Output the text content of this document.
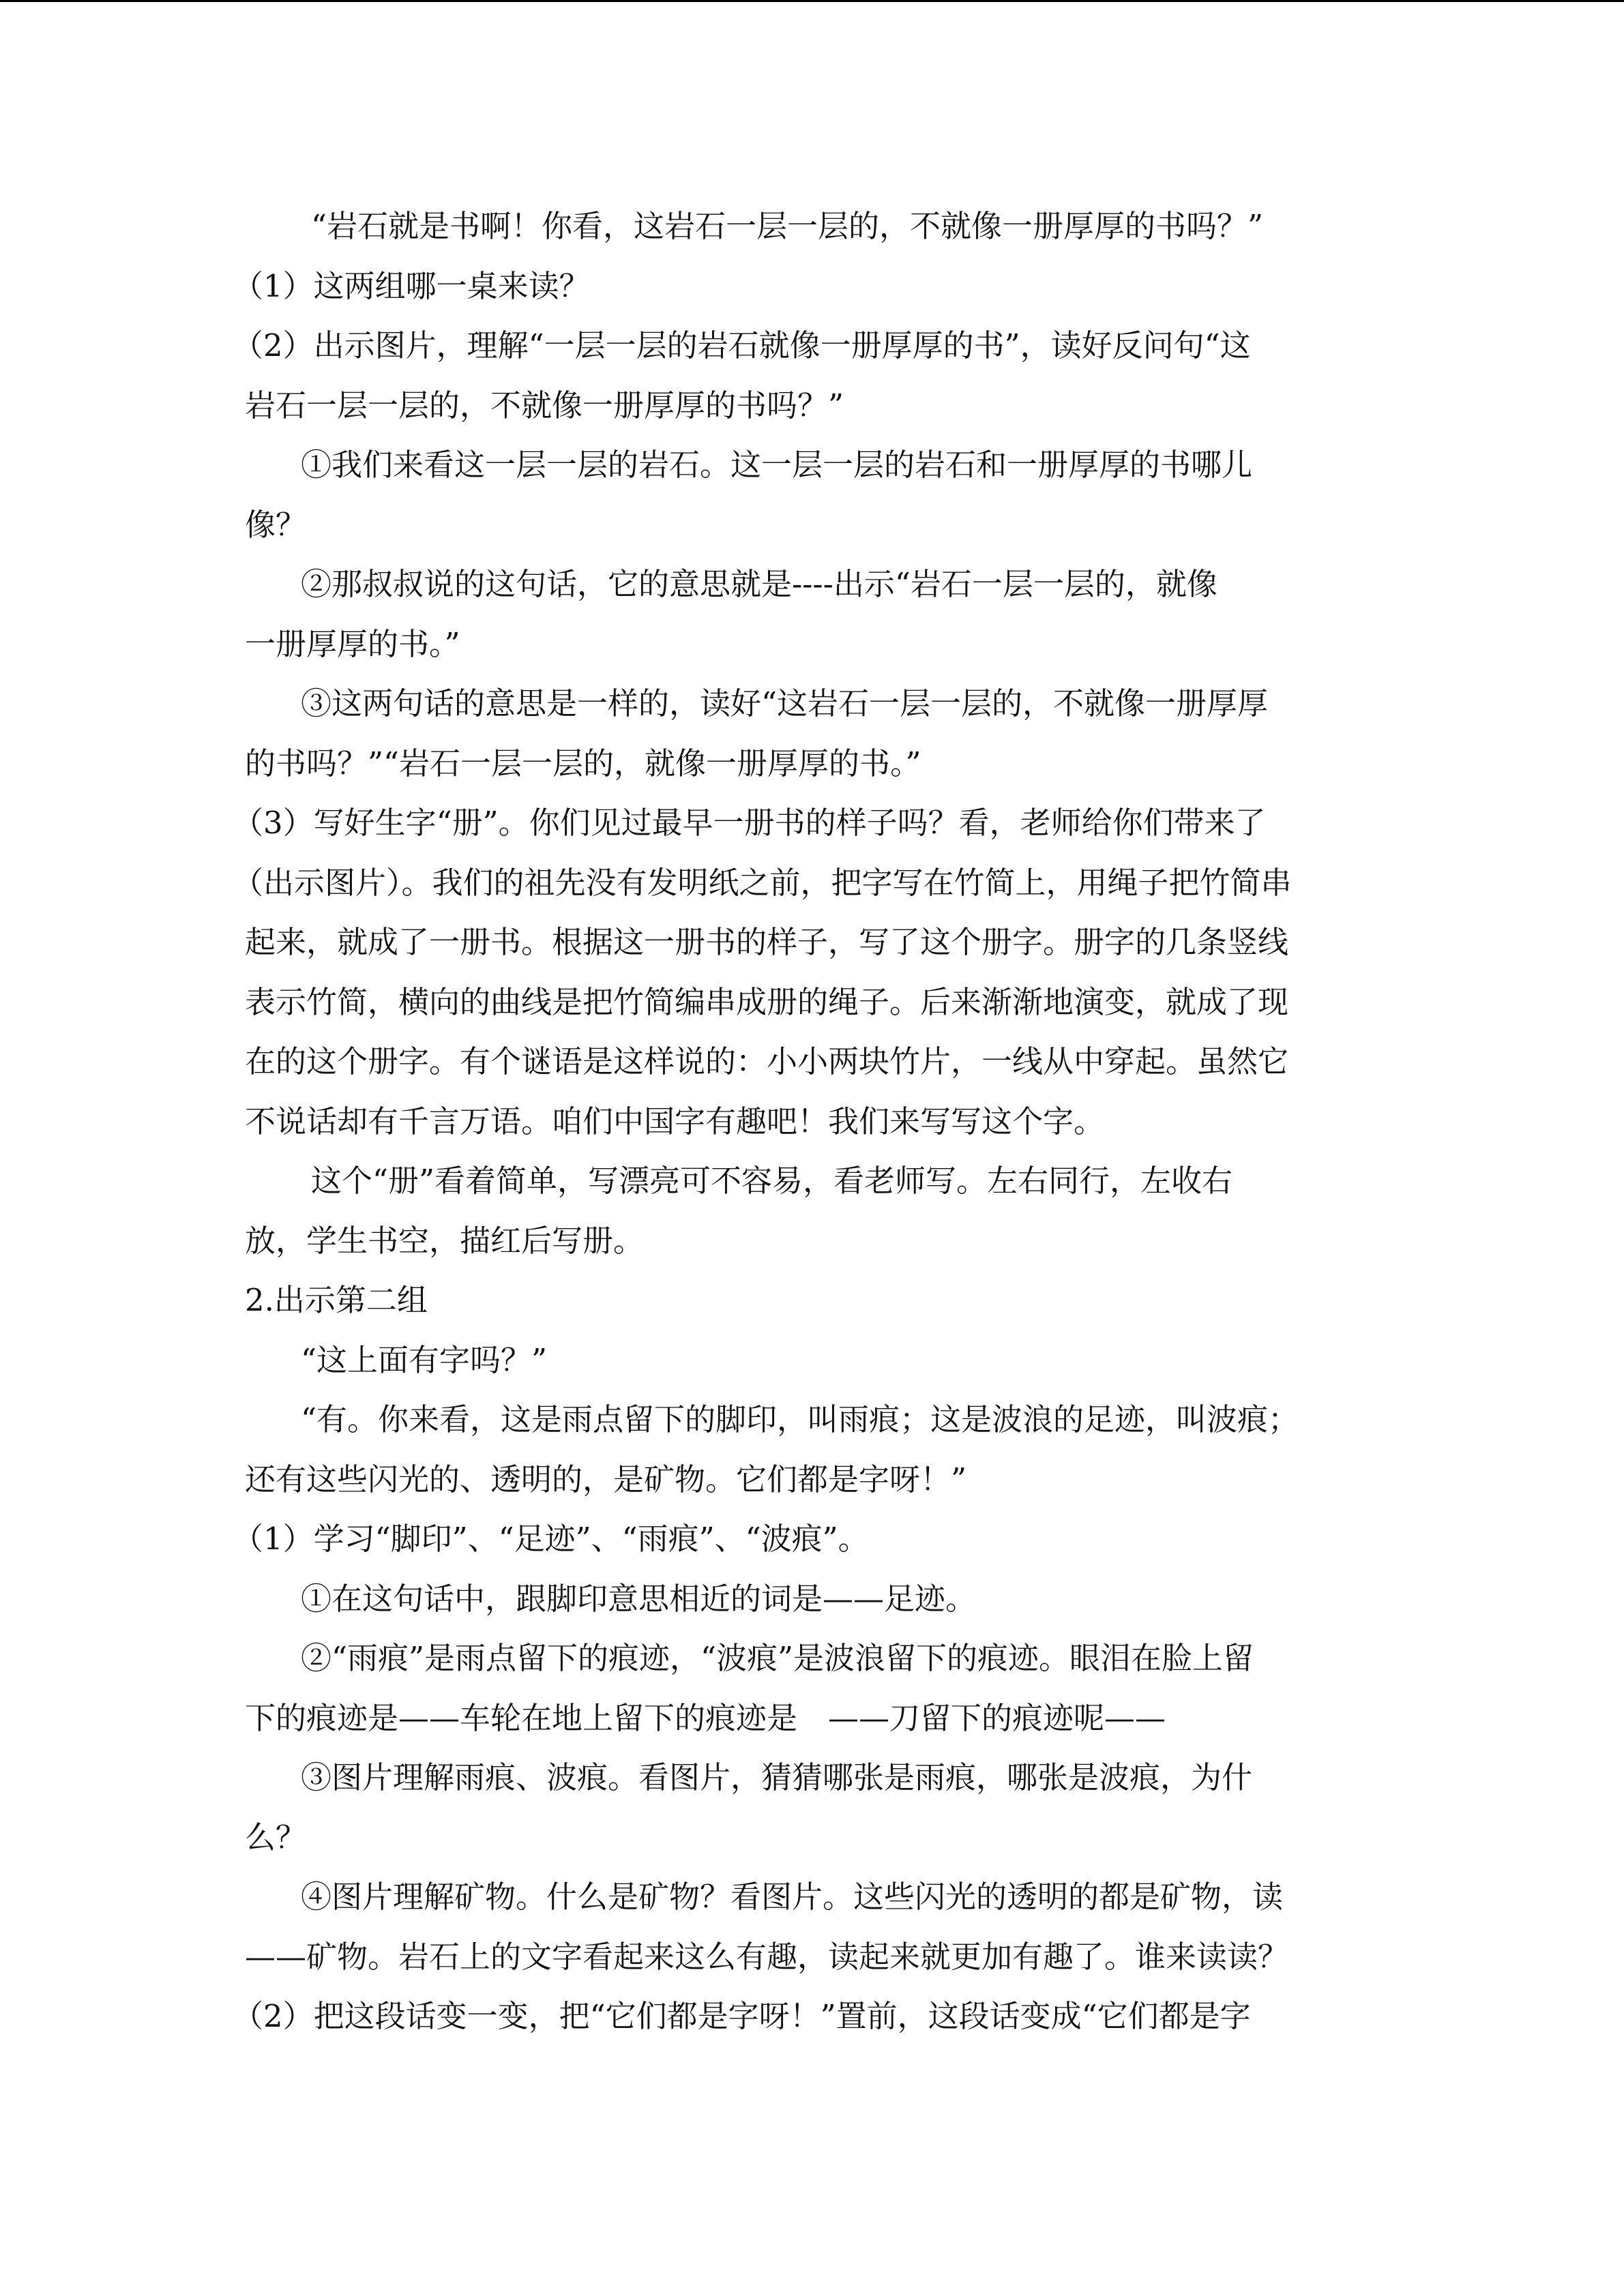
“岩石就是书啊！你看，这岩石一层一层的，不就像一册厚厚的书吗？”
（1）这两组哪一桌来读？
（2）出示图片，理解“一层一层的岩石就像一册厚厚的书”，读好反问句“这
岩石一层一层的，不就像一册厚厚的书吗？”
①我们来看这一层一层的岩石。这一层一层的岩石和一册厚厚的书哪儿
像？
②那叔叔说的这句话，它的意思就是----出示“岩石一层一层的，就像
一册厚厚的书。”
③这两句话的意思是一样的，读好“这岩石一层一层的，不就像一册厚厚
的书吗？”“岩石一层一层的，就像一册厚厚的书。”
（3）写好生字“册”。你们见过最早一册书的样子吗？看，老师给你们带来了
（出示图片）。我们的祖先没有发明纸之前，把字写在竹简上，用绳子把竹简串
起来，就成了一册书。根据这一册书的样子，写了这个册字。册字的几条竖线
表示竹简，横向的曲线是把竹简编串成册的绳子。后来渐渐地演变，就成了现
在的这个册字。有个谜语是这样说的：小小两块竹片，一线从中穿起。虽然它
不说话却有千言万语。咱们中国字有趣吧！我们来写写这个字。
这个“册”看着简单，写漂亮可不容易，看老师写。左右同行，左收右
放，学生书空，描红后写册。
2.出示第二组
“这上面有字吗？”
“有。你来看，这是雨点留下的脚印，叫雨痕；这是波浪的足迹，叫波痕；
还有这些闪光的、透明的，是矿物。它们都是字呀！”
（1）学习“脚印”、“足迹”、“雨痕”、“波痕”。
①在这句话中，跟脚印意思相近的词是——足迹。
②“雨痕”是雨点留下的痕迹，“波痕”是波浪留下的痕迹。眼泪在脸上留
下的痕迹是——车轮在地上留下的痕迹是　——刀留下的痕迹呢——
③图片理解雨痕、波痕。看图片，猜猜哪张是雨痕，哪张是波痕，为什
么？
④图片理解矿物。什么是矿物？看图片。这些闪光的透明的都是矿物，读
——矿物。岩石上的文字看起来这么有趣，读起来就更加有趣了。谁来读读？
（2）把这段话变一变，把“它们都是字呀！”置前，这段话变成“它们都是字
